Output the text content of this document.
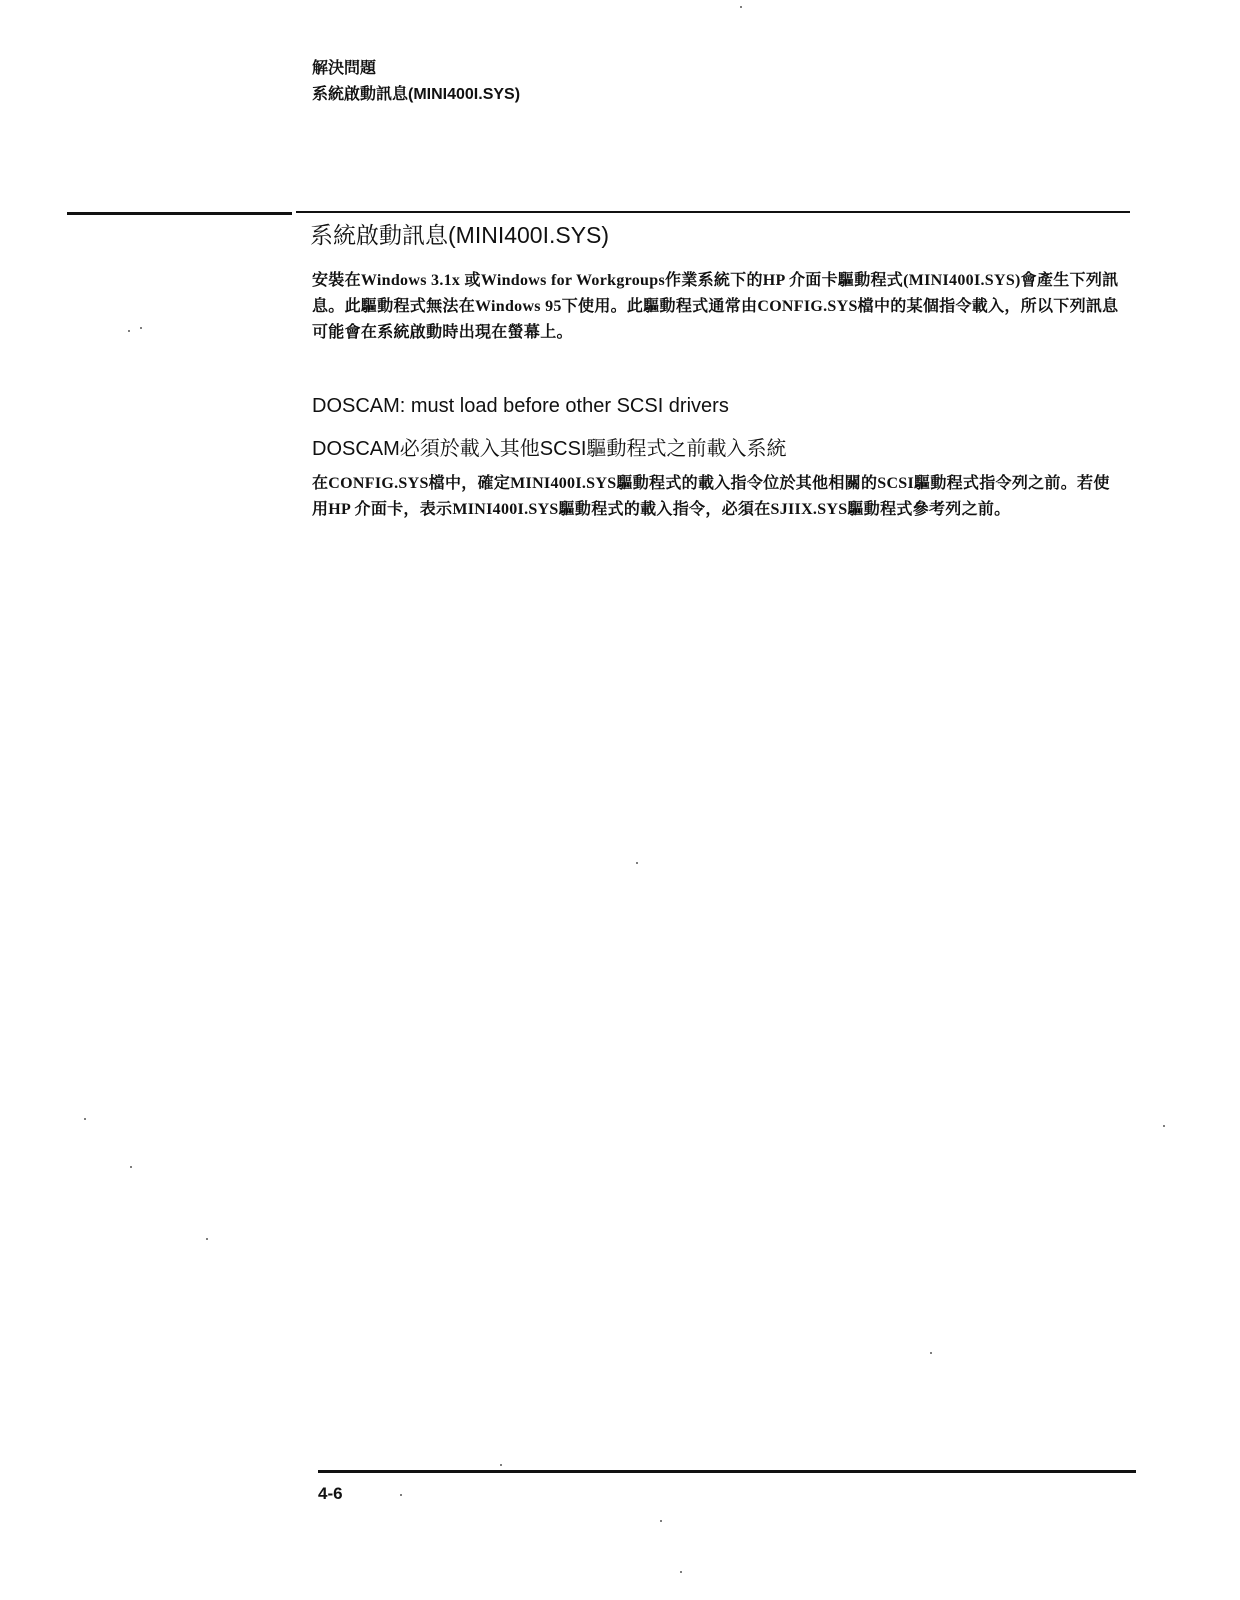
解決問題
系統啟動訊息(MINI400I.SYS)
系統啟動訊息(MINI400I.SYS)
安裝在Windows 3.1x 或Windows for Workgroups作業系統下的HP 介面卡驅動程式(MINI400I.SYS)會產生下列訊息。此驅動程式無法在Windows 95下使用。此驅動程式通常由CONFIG.SYS檔中的某個指令載入，所以下列訊息可能會在系統啟動時出現在螢幕上。
DOSCAM: must load before other SCSI drivers
DOSCAM必須於載入其他SCSI驅動程式之前載入系統
在CONFIG.SYS檔中，確定MINI400I.SYS驅動程式的載入指令位於其他相關的SCSI驅動程式指令列之前。若使用HP 介面卡，表示MINI400I.SYS驅動程式的載入指令，必須在SJIIX.SYS驅動程式參考列之前。
4-6
